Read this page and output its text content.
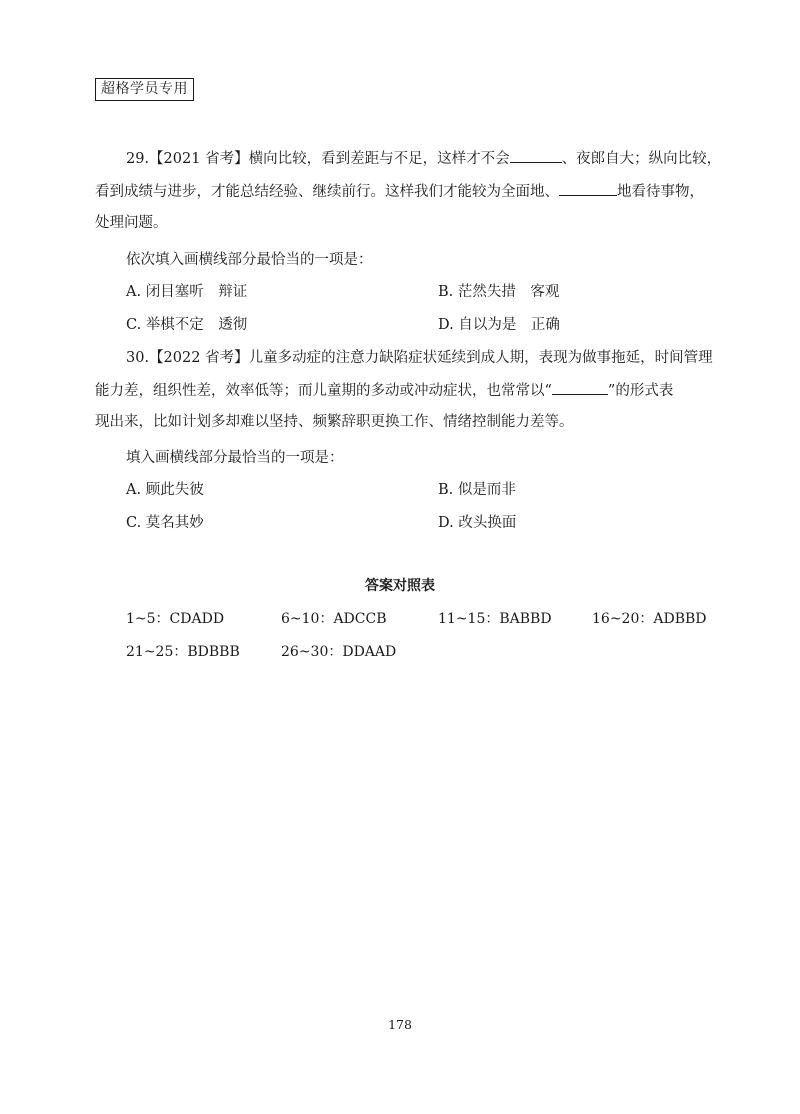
超格学员专用
29.【2021 省考】横向比较，看到差距与不足，这样才不会	、夜郎自大；纵向比较，
看到成绩与进步，才能总结经验、继续前行。这样我们才能较为全面地、	地看待事物，
处理问题。
依次填入画横线部分最恰当的一项是：
A. 闭目塞听　辩证	B. 茫然失措　客观
C. 举棋不定　透彻	D. 自以为是　正确
30.【2022 省考】儿童多动症的注意力缺陷症状延续到成人期，表现为做事拖延，时间管理
能力差，组织性差，效率低等；而儿童期的多动或冲动症状，也常常以“	”的形式表
现出来，比如计划多却难以坚持、频繁辞职更换工作、情绪控制能力差等。
填入画横线部分最恰当的一项是：
A. 顾此失彼	B. 似是而非
C. 莫名其妙	D. 改头换面
答案对照表
1~5：CDADD	6~10：ADCCB	11~15：BABBD	16~20：ADBBD
21~25：BDBBB	26~30：DDAAD
178
